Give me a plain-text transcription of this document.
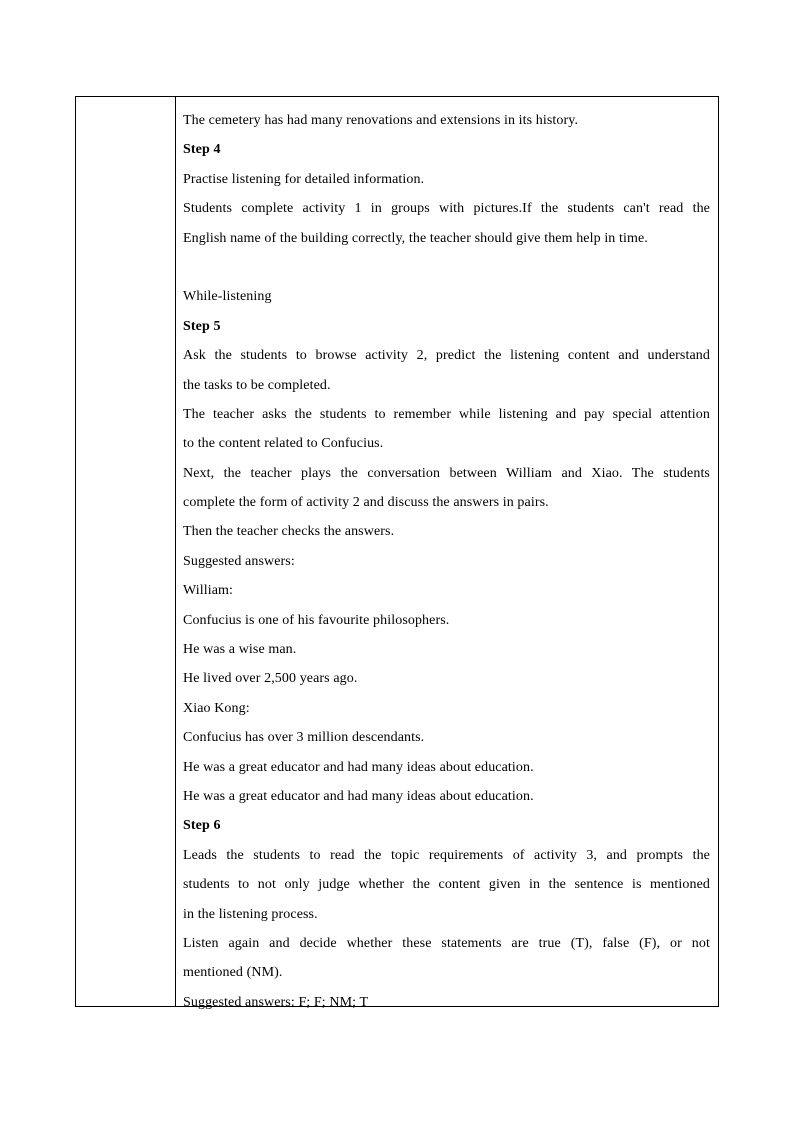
The cemetery has had many renovations and extensions in its history.
Step 4
Practise listening for detailed information.
Students complete activity 1 in groups with pictures.If the students can't read the
English name of the building correctly, the teacher should give them help in time.
While-listening
Step 5
Ask the students to browse activity 2, predict the listening content and understand
the tasks to be completed.
The teacher asks the students to remember while listening and pay special attention
to the content related to Confucius.
Next, the teacher plays the conversation between William and Xiao. The students
complete the form of activity 2 and discuss the answers in pairs.
Then the teacher checks the answers.
Suggested answers:
William:
Confucius is one of his favourite philosophers.
He was a wise man.
He lived over 2,500 years ago.
Xiao Kong:
Confucius has over 3 million descendants.
He was a great educator and had many ideas about education.
He was a great educator and had many ideas about education.
Step 6
Leads the students to read the topic requirements of activity 3, and prompts the
students to not only judge whether the content given in the sentence is mentioned
in the listening process.
Listen again and decide whether these statements are true (T), false (F), or not
mentioned (NM).
Suggested answers: F; F; NM; T
